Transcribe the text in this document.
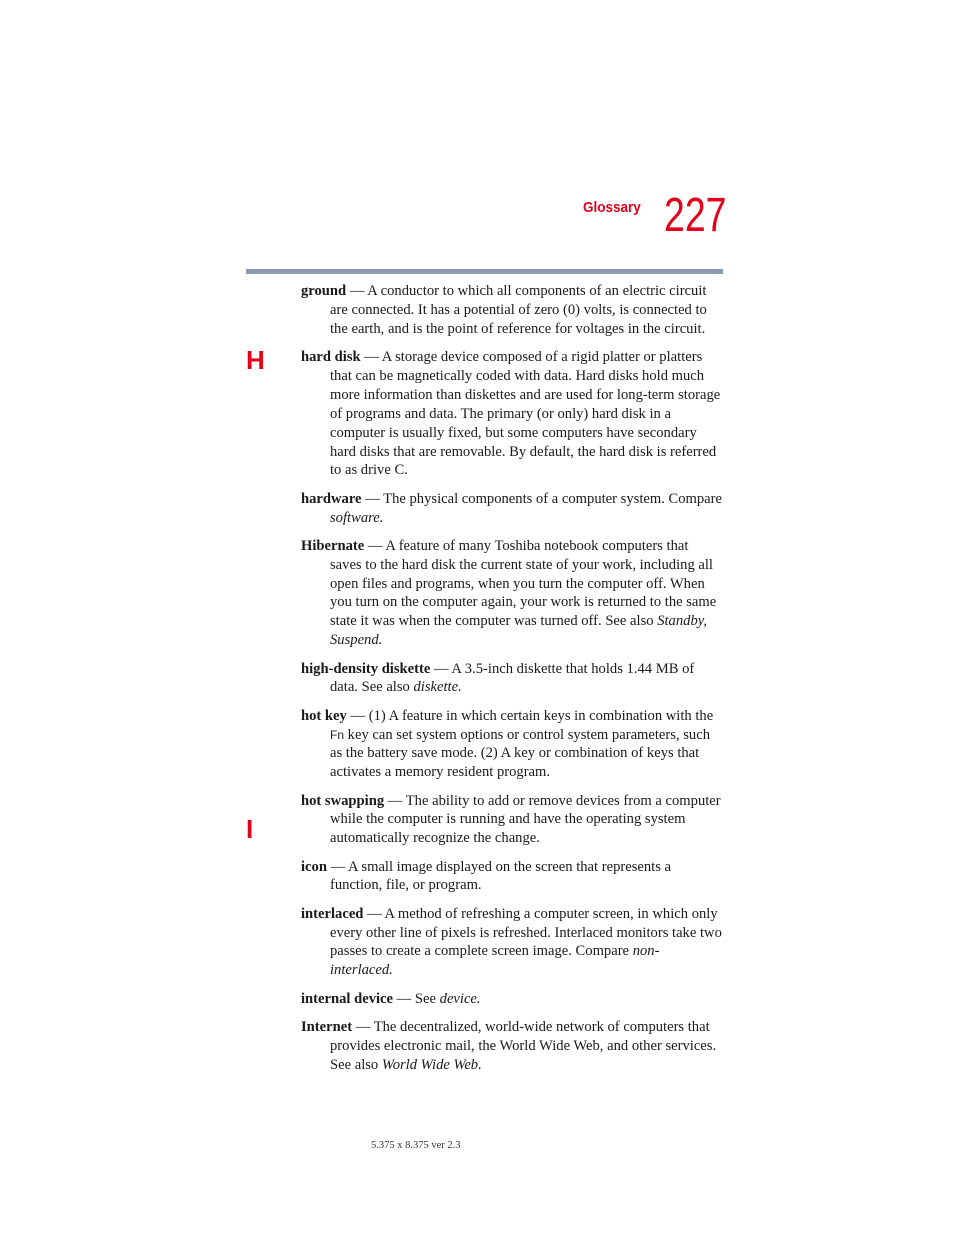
Glossary 227
H
I

ground — A conductor to which all components of an electric circuit are connected. It has a potential of zero (0) volts, is connected to the earth, and is the point of reference for voltages in the circuit.

hard disk — A storage device composed of a rigid platter or platters that can be magnetically coded with data. Hard disks hold much more information than diskettes and are used for long-term storage of programs and data. The primary (or only) hard disk in a computer is usually fixed, but some computers have secondary hard disks that are removable. By default, the hard disk is referred to as drive C.

hardware — The physical components of a computer system. Compare software.

Hibernate — A feature of many Toshiba notebook computers that saves to the hard disk the current state of your work, including all open files and programs, when you turn the computer off. When you turn on the computer again, your work is returned to the same state it was when the computer was turned off. See also Standby, Suspend.

high-density diskette — A 3.5-inch diskette that holds 1.44 MB of data. See also diskette.

hot key — (1) A feature in which certain keys in combination with the Fn key can set system options or control system parameters, such as the battery save mode. (2) A key or combination of keys that activates a memory resident program.

hot swapping — The ability to add or remove devices from a computer while the computer is running and have the operating system automatically recognize the change.

icon — A small image displayed on the screen that represents a function, file, or program.

interlaced — A method of refreshing a computer screen, in which only every other line of pixels is refreshed. Interlaced monitors take two passes to create a complete screen image. Compare non-interlaced.

internal device — See device.

Internet — The decentralized, world-wide network of computers that provides electronic mail, the World Wide Web, and other services. See also World Wide Web.

5.375 x 8.375 ver 2.3
